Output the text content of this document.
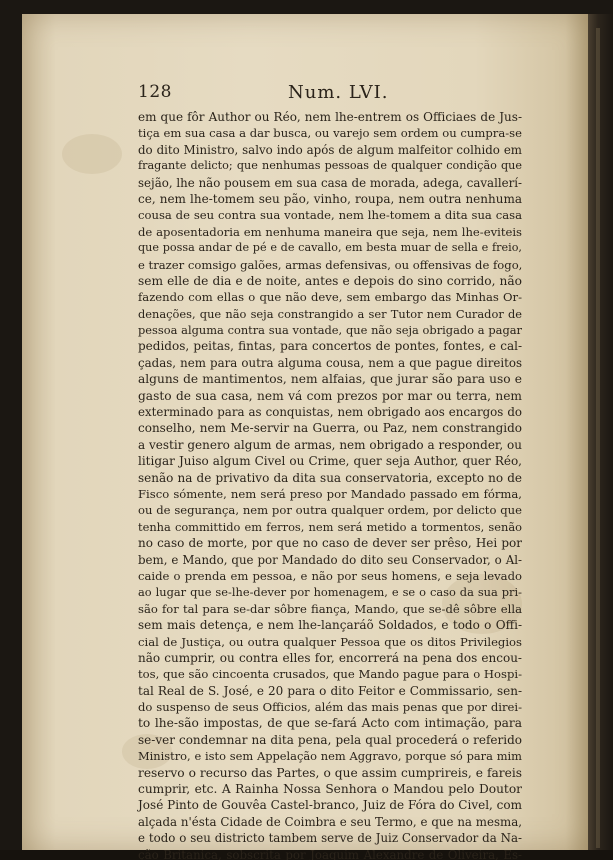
128	Num. LVI.
em que fôr Author ou Réo, nem lhe-entrem os Officiaes de Jus-
tiça em sua casa a dar busca, ou varejo sem ordem ou cumpra-se
do dito Ministro, salvo indo após de algum malfeitor colhido em
fragante delicto; que nenhumas pessoas de qualquer condição que
sejão, lhe não pousem em sua casa de morada, adega, cavallerí-
ce, nem lhe-tomem seu pão, vinho, roupa, nem outra nenhuma
cousa de seu contra sua vontade, nem lhe-tomem a dita sua casa
de aposentadoria em nenhuma maneira que seja, nem lhe-eviteis
que possa andar de pé e de cavallo, em besta muar de sella e freio,
e trazer comsigo galões, armas defensivas, ou offensivas de fogo,
sem elle de dia e de noite, antes e depois do sino corrido, não
fazendo com ellas o que não deve, sem embargo das Minhas Or-
denações, que não seja constrangido a ser Tutor nem Curador de
pessoa alguma contra sua vontade, que não seja obrigado a pagar
pedidos, peitas, fintas, para concertos de pontes, fontes, e cal-
çadas, nem para outra alguma cousa, nem a que pague direitos
alguns de mantimentos, nem alfaias, que jurar são para uso e
gasto de sua casa, nem vá com prezos por mar ou terra, nem
exterminado para as conquistas, nem obrigado aos encargos do
conselho, nem Me-servir na Guerra, ou Paz, nem constrangido
a vestir genero algum de armas, nem obrigado a responder, ou
litigar Juiso algum Civel ou Crime, quer seja Author, quer Réo,
senão na de privativo da dita sua conservatoria, excepto no de
Fisco sómente, nem será preso por Mandado passado em fórma,
ou de segurança, nem por outra qualquer ordem, por delicto que
tenha committido em ferros, nem será metido a tormentos, senão
no caso de morte, por que no caso de dever ser prêso, Hei por
bem, e Mando, que por Mandado do dito seu Conservador, o Al-
caide o prenda em pessoa, e não por seus homens, e seja levado
ao lugar que se-lhe-dever por homenagem, e se o caso da sua pri-
são for tal para se-dar sôbre fiança, Mando, que se-dê sôbre ella
sem mais detença, e nem lhe-lançaráõ Soldados, e todo o Offi-
cial de Justiça, ou outra qualquer Pessoa que os ditos Privilegios
não cumprir, ou contra elles for, encorrerá na pena dos encou-
tos, que são cincoenta crusados, que Mando pague para o Hospi-
tal Real de S. José, e 20 para o dito Feitor e Commissario, sen-
do suspenso de seus Officios, além das mais penas que por direi-
to lhe-são impostas, de que se-fará Acto com intimação, para
se-ver condemnar na dita pena, pela qual procederá o referido
Ministro, e isto sem Appelação nem Aggravo, porque só para mim
reservo o recurso das Partes, o que assim cumprireis, e fareis
cumprir, etc. A Rainha Nossa Senhora o Mandou pelo Doutor
José Pinto de Gouvêa Castel-branco, Juiz de Fóra do Civel, com
alçada n'ésta Cidade de Coimbra e seu Termo, e que na mesma,
e todo o seu districto tambem serve de Juiz Conservador da Na-
ção Britanica, sobscrita por Joaquim Alexandre de Oliveira, Es-
